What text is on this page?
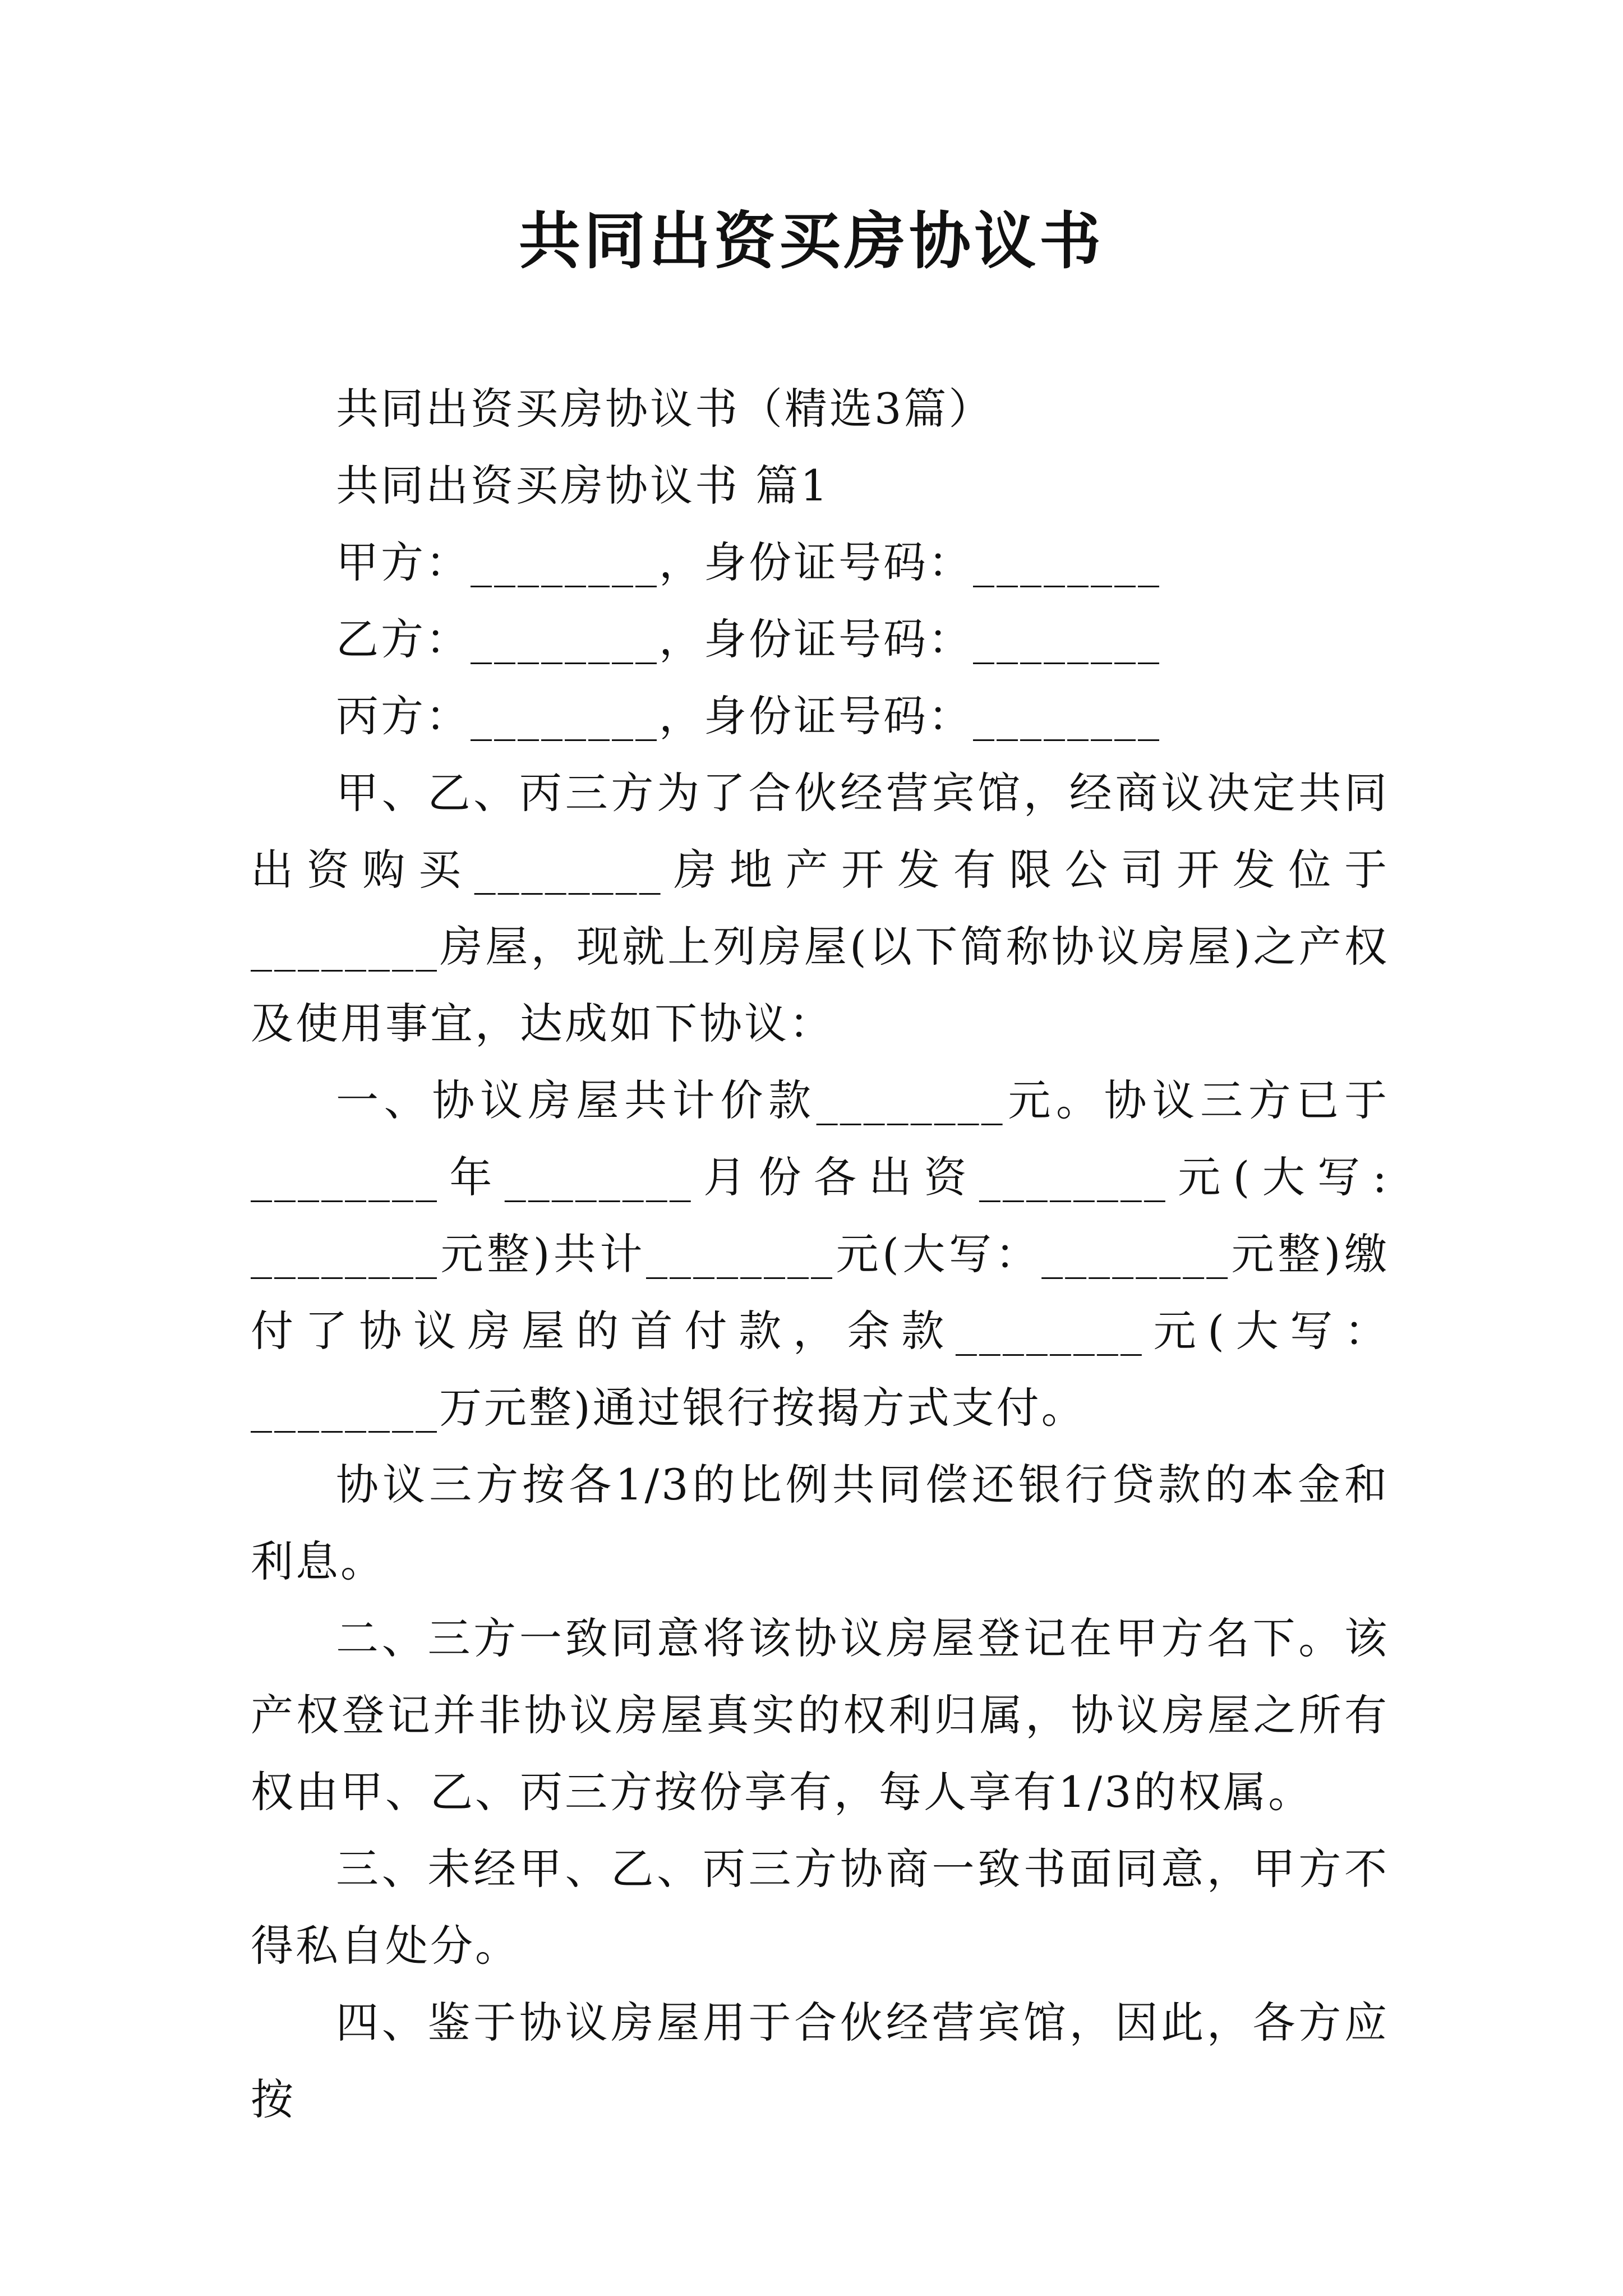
共同出资买房协议书

共同出资买房协议书（精选3篇）

共同出资买房协议书 篇1

甲方：________，身份证号码：________

乙方：________，身份证号码：________

丙方：________，身份证号码：________

甲、乙、丙三方为了合伙经营宾馆，经商议决定共同出资购买________房地产开发有限公司开发位于________房屋，现就上列房屋(以下简称协议房屋)之产权及使用事宜，达成如下协议：

一、协议房屋共计价款________元。协议三方已于________年________月份各出资________元(大写: ________元整)共计________元(大写：________元整)缴付了协议房屋的首付款，余款________元(大写：________万元整)通过银行按揭方式支付。

协议三方按各1/3的比例共同偿还银行贷款的本金和利息。

二、三方一致同意将该协议房屋登记在甲方名下。该产权登记并非协议房屋真实的权利归属，协议房屋之所有权由甲、乙、丙三方按份享有，每人享有1/3的权属。

三、未经甲、乙、丙三方协商一致书面同意，甲方不得私自处分。

四、鉴于协议房屋用于合伙经营宾馆，因此，各方应按
